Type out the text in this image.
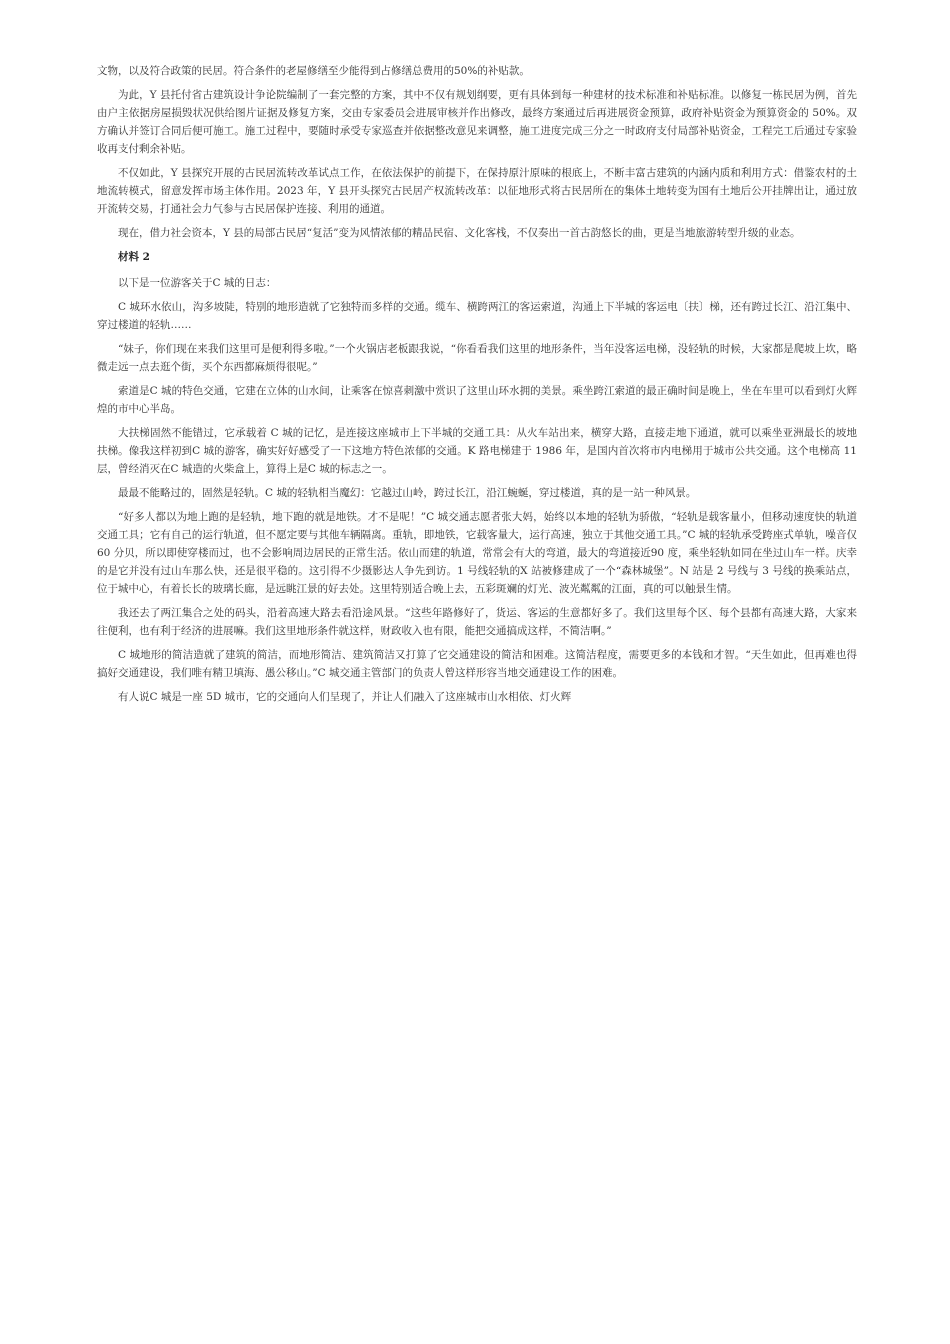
文物，以及符合政策的民居。符合条件的老屋修缮至少能得到占修缮总费用的50%的补贴款。

为此，Y 县托付省古建筑设计争论院编制了一套完整的方案，其中不仅有规划纲要，更有具体到每一种建材的技术标准和补贴标准。以修复一栋民居为例，首先由户主依据房屋损毁状况供给图片证据及修复方案，交由专家委员会进展审核并作出修改，最终方案通过后再进展资金预算，政府补贴资金为预算资金的 50%。双方确认并签订合同后便可施工。施工过程中，要随时承受专家巡查并依据整改意见来调整，施工进度完成三分之一时政府支付局部补贴资金，工程完工后通过专家验收再支付剩余补贴。

不仅如此，Y 县探究开展的古民居流转改革试点工作，在依法保护的前提下，在保持原汁原味的根底上，不断丰富古建筑的内涵内质和利用方式：借鉴农村的土地流转模式，留意发挥市场主体作用。2023 年，Y 县开头探究古民居产权流转改革：以征地形式将古民居所在的集体土地转变为国有土地后公开挂牌出让，通过放开流转交易，打通社会力气参与古民居保护连接、利用的通道。

现在，借力社会资本，Y 县的局部古民居“复活”变为风情浓郁的精品民宿、文化客栈，不仅奏出一首古韵悠长的曲，更是当地旅游转型升级的业态。

材料 2

以下是一位游客关于C 城的日志：

C 城环水依山，沟多坡陡，特别的地形造就了它独特而多样的交通。缆车、横跨两江的客运索道，沟通上下半城的客运电〔扶〕梯，还有跨过长江、沿江集中、穿过楼道的轻轨……

“妹子，你们现在来我们这里可是便利得多啦。”一个火锅店老板跟我说，“你看看我们这里的地形条件，当年没客运电梯，没轻轨的时候，大家都是爬坡上坎，略微走远一点去逛个街，买个东西都麻烦得很呢。”

索道是C 城的特色交通，它建在立体的山水间，让乘客在惊喜刺激中赏识了这里山环水拥的美景。乘坐跨江索道的最正确时间是晚上，坐在车里可以看到灯火辉煌的市中心半岛。

大扶梯固然不能错过，它承载着 C 城的记忆，是连接这座城市上下半城的交通工具：从火车站出来，横穿大路，直接走地下通道，就可以乘坐亚洲最长的坡地扶梯。像我这样初到C 城的游客，确实好好感受了一下这地方特色浓郁的交通。K 路电梯建于 1986 年，是国内首次将市内电梯用于城市公共交通。这个电梯高 11 层，曾经消灭在C 城造的火柴盒上，算得上是C 城的标志之一。

最最不能略过的，固然是轻轨。C 城的轻轨相当魔幻：它越过山岭，跨过长江，沿江蜿蜒，穿过楼道，真的是一站一种风景。

“好多人都以为地上跑的是轻轨，地下跑的就是地铁。才不是呢！”C 城交通志愿者张大妈，始终以本地的轻轨为骄傲，“轻轨是载客量小，但移动速度快的轨道交通工具；它有自己的运行轨道，但不愿定要与其他车辆隔离。重轨，即地铁，它载客量大，运行高速，独立于其他交通工具。”C 城的轻轨承受跨座式单轨，噪音仅 60 分贝，所以即使穿楼而过，也不会影响周边居民的正常生活。依山而建的轨道，常常会有大的弯道，最大的弯道接近90 度，乘坐轻轨如同在坐过山车一样。庆幸的是它并没有过山车那么快，还是很平稳的。这引得不少摄影达人争先到访。1 号线轻轨的X 站被修建成了一个“森林城堡”。N 站是 2 号线与 3 号线的换乘站点，位于城中心，有着长长的玻璃长廊，是远眺江景的好去处。这里特别适合晚上去，五彩斑斓的灯光、波光粼粼的江面，真的可以触景生情。

我还去了两江集合之处的码头，沿着高速大路去看沿途风景。“这些年路修好了，货运、客运的生意都好多了。我们这里每个区、每个县都有高速大路，大家来往便利，也有利于经济的进展嘛。我们这里地形条件就这样，财政收入也有限，能把交通搞成这样，不简洁啊。”

C 城地形的简洁造就了建筑的简洁，而地形简洁、建筑简洁又打算了它交通建设的简洁和困难。这简洁程度，需要更多的本钱和才智。“天生如此，但再难也得搞好交通建设，我们唯有精卫填海、愚公移山。”C 城交通主管部门的负责人曾这样形容当地交通建设工作的困难。

有人说C 城是一座 5D 城市，它的交通向人们呈现了，并让人们融入了这座城市山水相依、灯火辉
